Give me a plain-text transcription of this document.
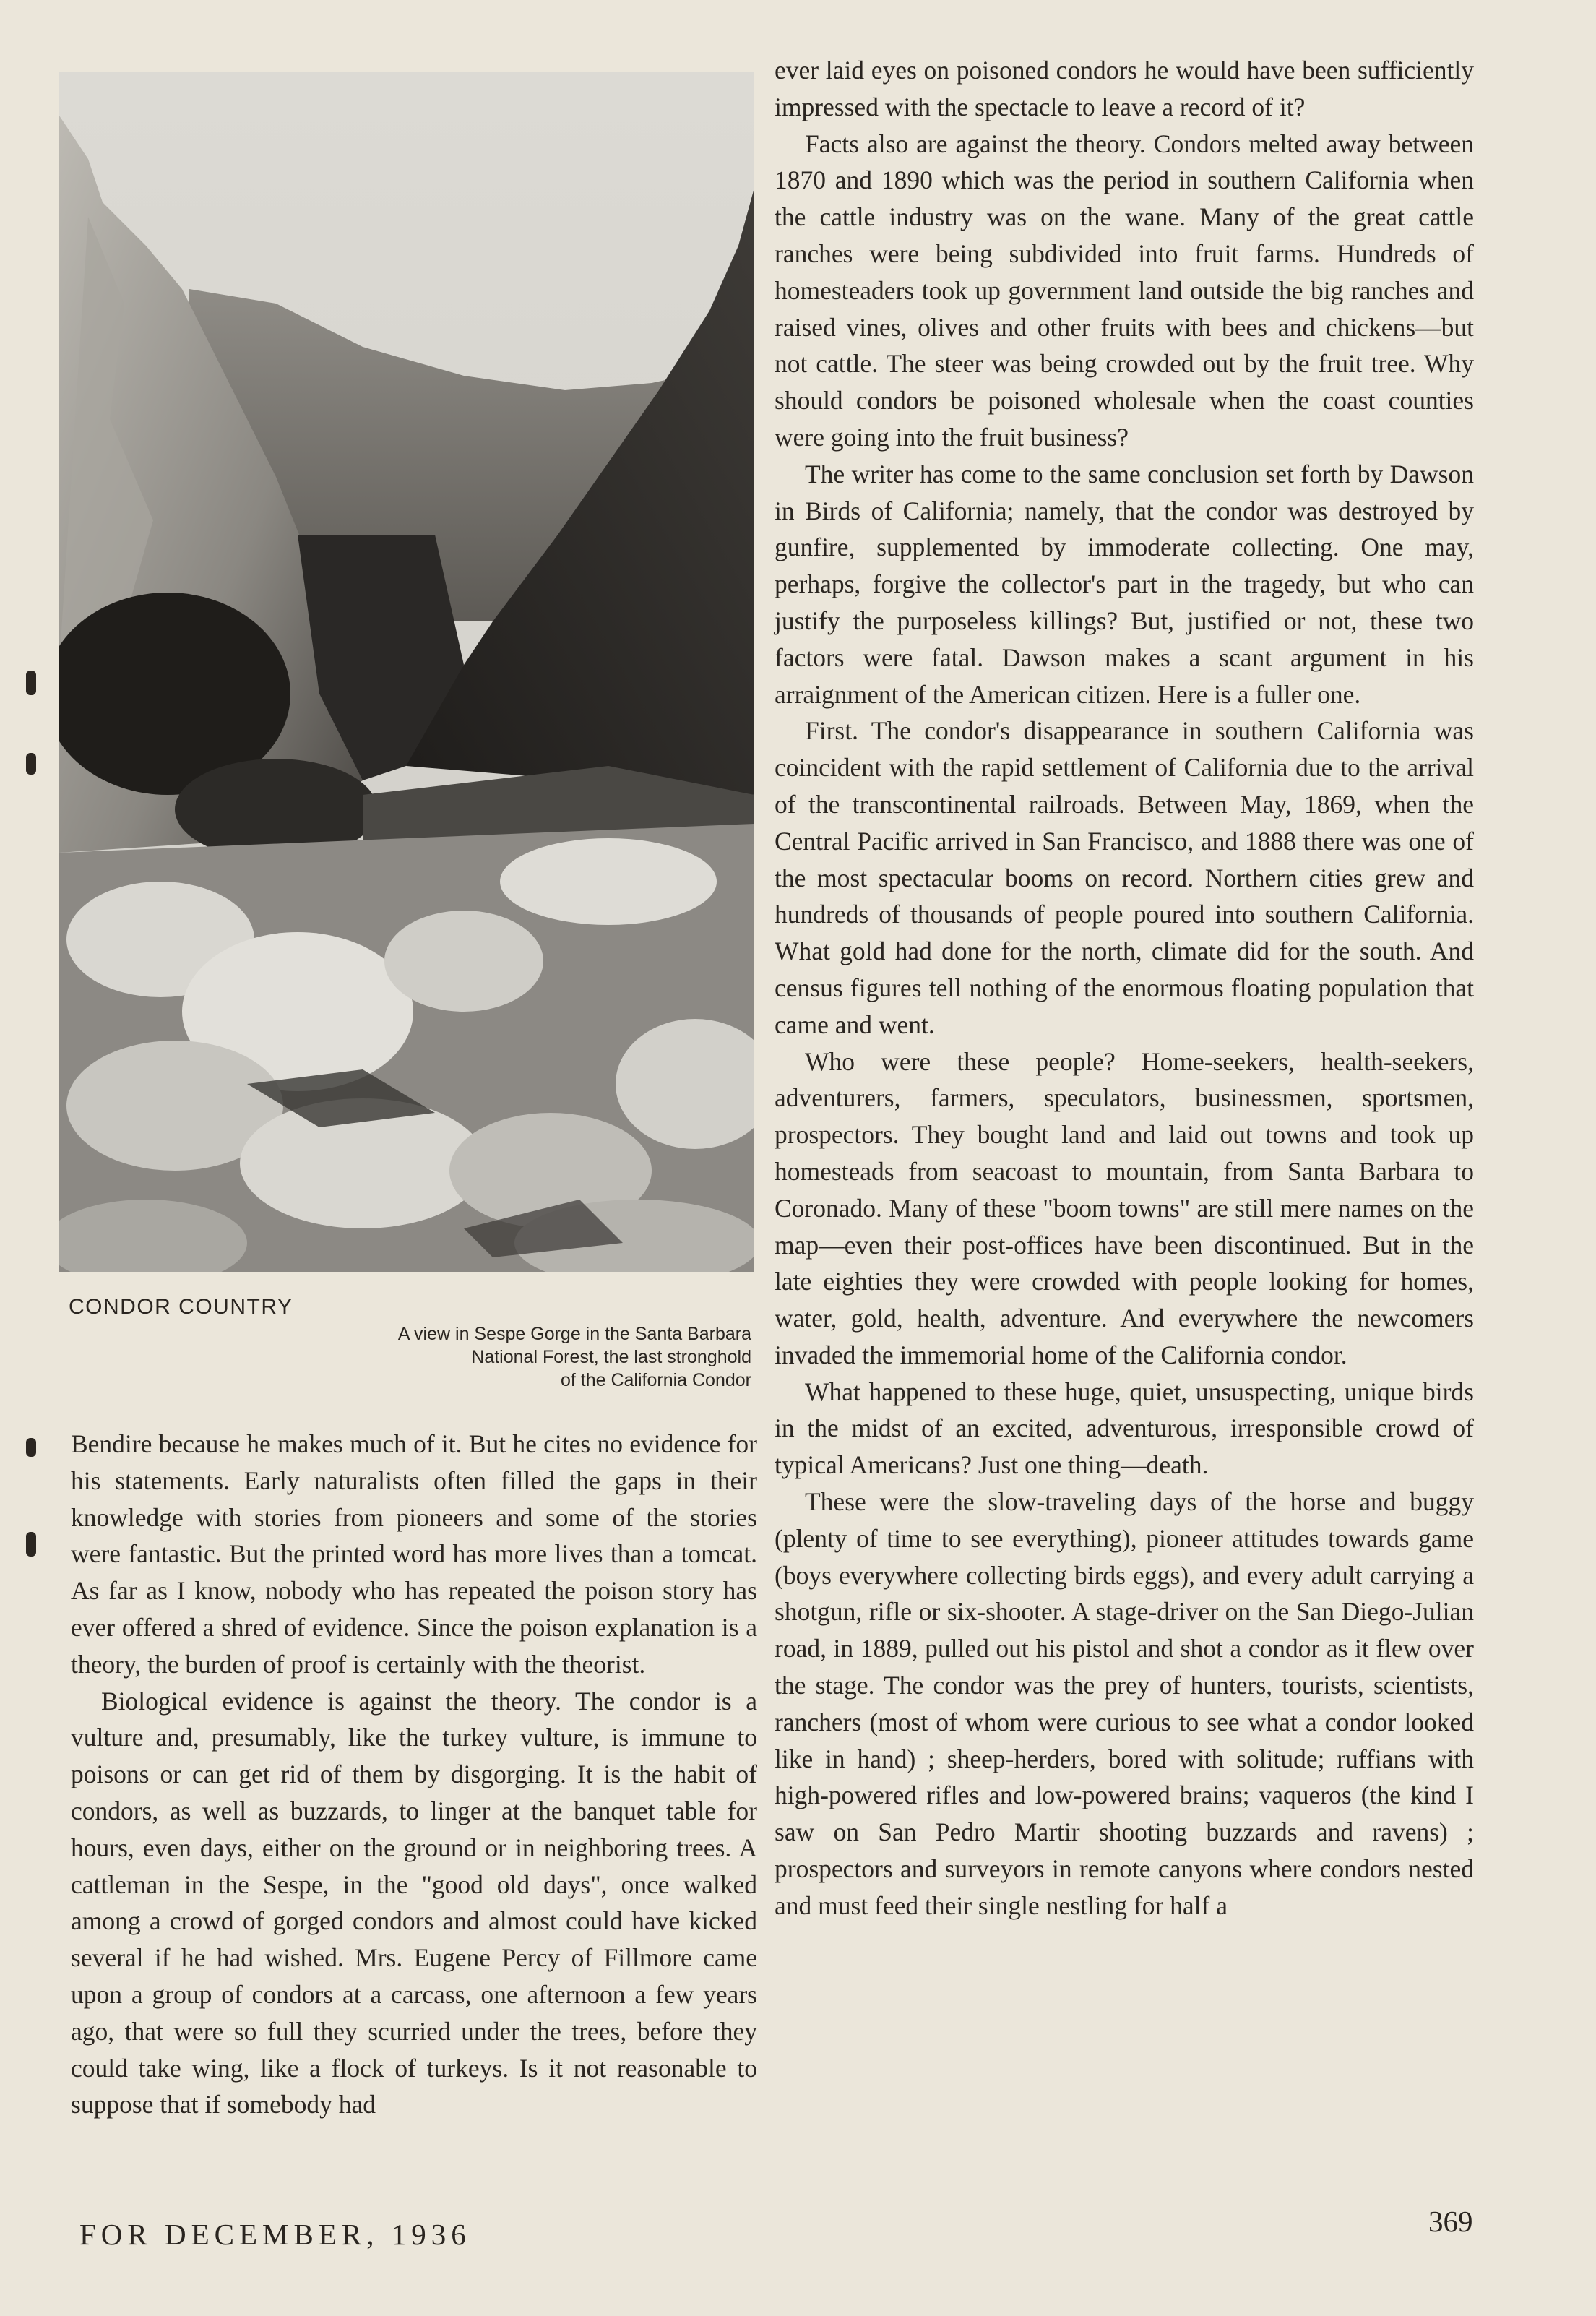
CONDOR COUNTRY
A view in Sespe Gorge in the Santa Barbara
National Forest, the last stronghold
of the California Condor

Bendire because he makes much of it. But he cites no evidence for his statements. Early naturalists often filled the gaps in their knowledge with stories from pioneers and some of the stories were fantastic. But the printed word has more lives than a tomcat. As far as I know, nobody who has repeated the poison story has ever offered a shred of evidence. Since the poison explanation is a theory, the burden of proof is certainly with the theorist.

Biological evidence is against the theory. The condor is a vulture and, presumably, like the turkey vulture, is immune to poisons or can get rid of them by disgorging. It is the habit of condors, as well as buzzards, to linger at the banquet table for hours, even days, either on the ground or in neighboring trees. A cattleman in the Sespe, in the "good old days", once walked among a crowd of gorged condors and almost could have kicked several if he had wished. Mrs. Eugene Percy of Fillmore came upon a group of condors at a carcass, one afternoon a few years ago, that were so full they scurried under the trees, before they could take wing, like a flock of turkeys. Is it not reasonable to suppose that if somebody had

ever laid eyes on poisoned condors he would have been sufficiently impressed with the spectacle to leave a record of it?

Facts also are against the theory. Condors melted away between 1870 and 1890 which was the period in southern California when the cattle industry was on the wane. Many of the great cattle ranches were being subdivided into fruit farms. Hundreds of homesteaders took up government land outside the big ranches and raised vines, olives and other fruits with bees and chickens—but not cattle. The steer was being crowded out by the fruit tree. Why should condors be poisoned wholesale when the coast counties were going into the fruit business?

The writer has come to the same conclusion set forth by Dawson in Birds of California; namely, that the condor was destroyed by gunfire, supplemented by immoderate collecting. One may, perhaps, forgive the collector's part in the tragedy, but who can justify the purposeless killings? But, justified or not, these two factors were fatal. Dawson makes a scant argument in his arraignment of the American citizen. Here is a fuller one.

First. The condor's disappearance in southern California was coincident with the rapid settlement of California due to the arrival of the transcontinental railroads. Between May, 1869, when the Central Pacific arrived in San Francisco, and 1888 there was one of the most spectacular booms on record. Northern cities grew and hundreds of thousands of people poured into southern California. What gold had done for the north, climate did for the south. And census figures tell nothing of the enormous floating population that came and went.

Who were these people? Home-seekers, health-seekers, adventurers, farmers, speculators, businessmen, sportsmen, prospectors. They bought land and laid out towns and took up homesteads from seacoast to mountain, from Santa Barbara to Coronado. Many of these "boom towns" are still mere names on the map—even their post-offices have been discontinued. But in the late eighties they were crowded with people looking for homes, water, gold, health, adventure. And everywhere the newcomers invaded the immemorial home of the California condor.

What happened to these huge, quiet, unsuspecting, unique birds in the midst of an excited, adventurous, irresponsible crowd of typical Americans? Just one thing—death.

These were the slow-traveling days of the horse and buggy (plenty of time to see everything), pioneer attitudes towards game (boys everywhere collecting birds eggs), and every adult carrying a shotgun, rifle or six-shooter. A stage-driver on the San Diego-Julian road, in 1889, pulled out his pistol and shot a condor as it flew over the stage. The condor was the prey of hunters, tourists, scientists, ranchers (most of whom were curious to see what a condor looked like in hand) ; sheep-herders, bored with solitude; ruffians with high-powered rifles and low-powered brains; vaqueros (the kind I saw on San Pedro Martir shooting buzzards and ravens) ; prospectors and surveyors in remote canyons where condors nested and must feed their single nestling for half a

FOR DECEMBER, 1936	369
